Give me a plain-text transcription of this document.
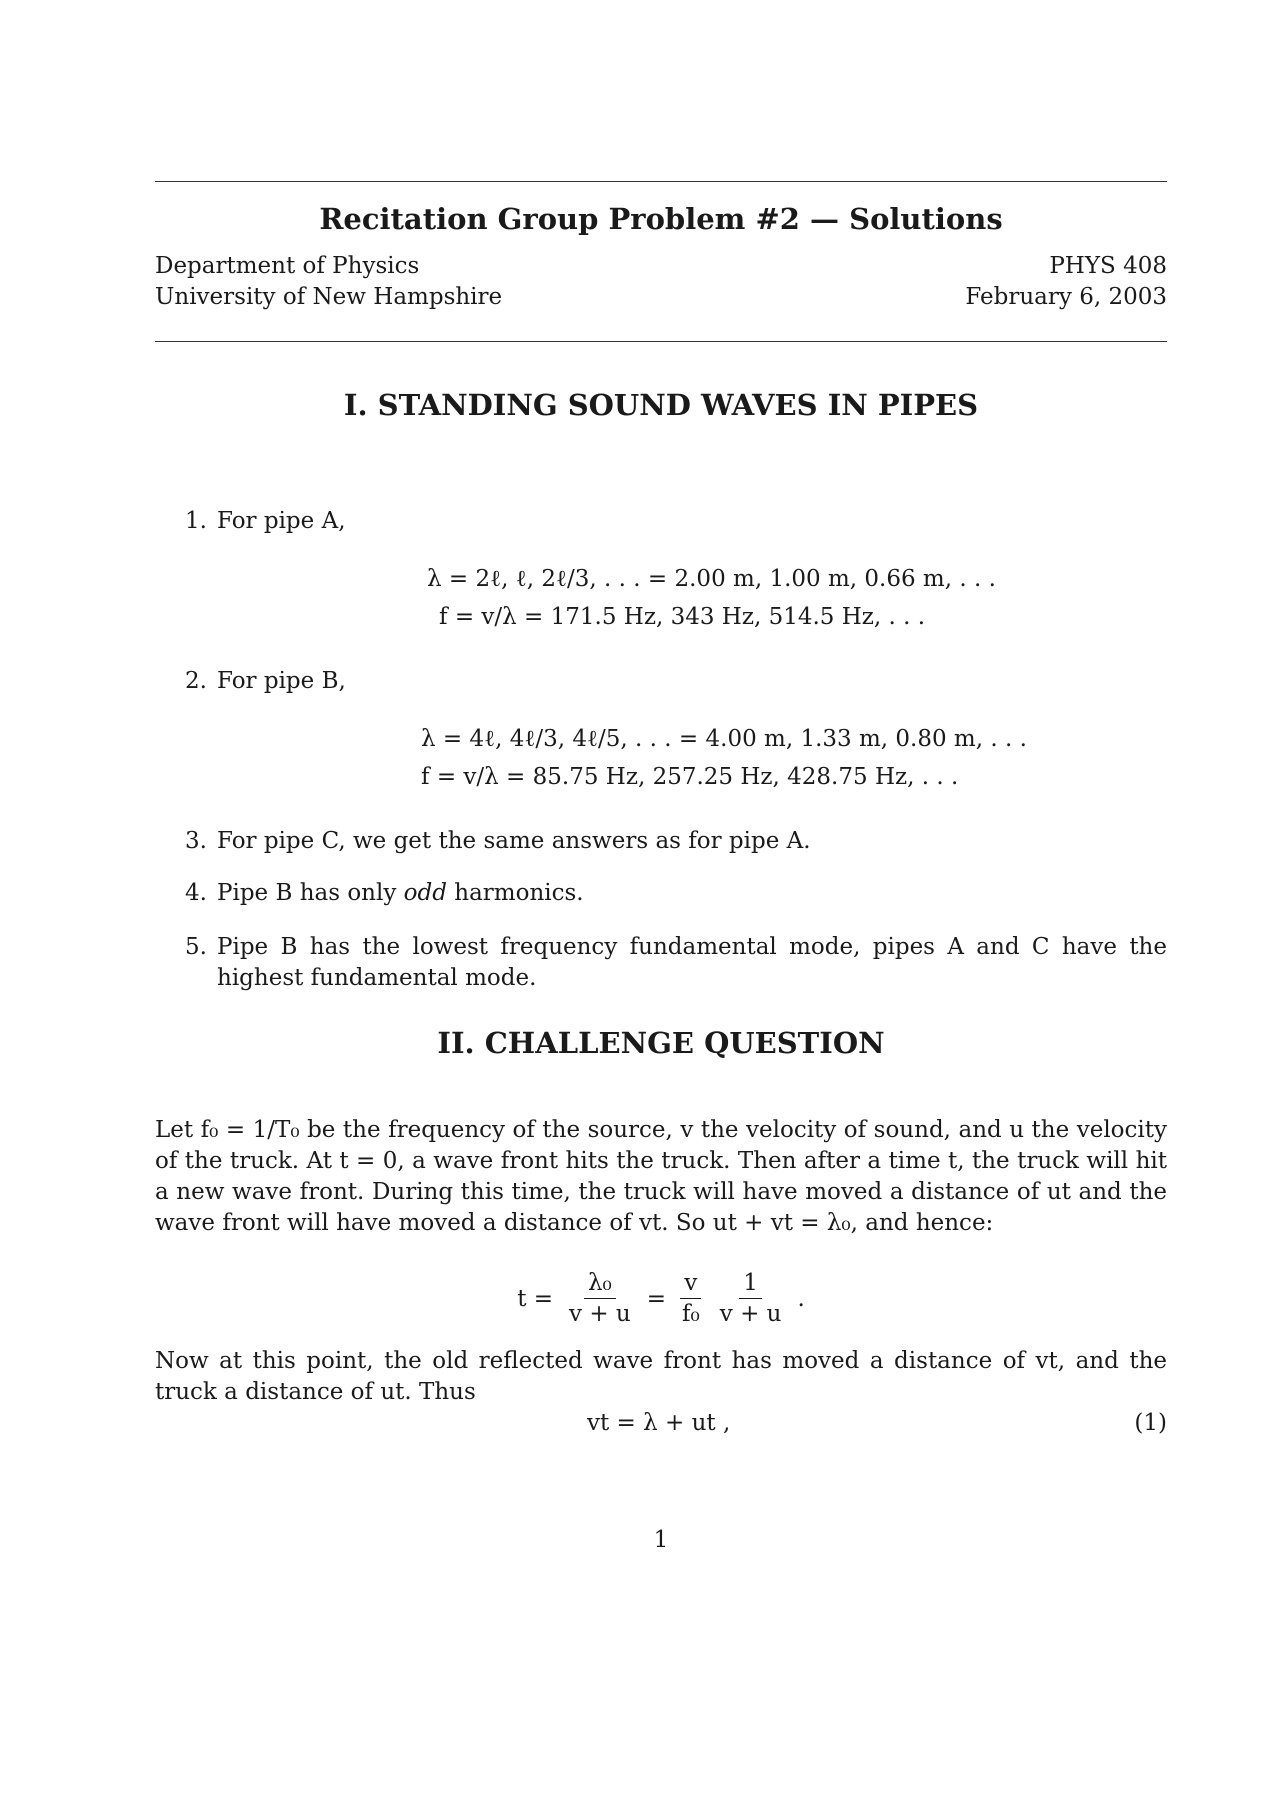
Recitation Group Problem #2 — Solutions
Department of Physics
University of New Hampshire
PHYS 408
February 6, 2003
I. STANDING SOUND WAVES IN PIPES
1. For pipe A,
λ = 2ℓ, ℓ, 2ℓ/3, . . . = 2.00 m, 1.00 m, 0.66 m, . . .
f = v/λ = 171.5 Hz, 343 Hz, 514.5 Hz, . . .
2. For pipe B,
λ = 4ℓ, 4ℓ/3, 4ℓ/5, . . . = 4.00 m, 1.33 m, 0.80 m, . . .
f = v/λ = 85.75 Hz, 257.25 Hz, 428.75 Hz, . . .
3. For pipe C, we get the same answers as for pipe A.
4. Pipe B has only odd harmonics.
5. Pipe B has the lowest frequency fundamental mode, pipes A and C have the highest fundamental mode.
II. CHALLENGE QUESTION
Let f₀ = 1/T₀ be the frequency of the source, v the velocity of sound, and u the velocity of the truck. At t = 0, a wave front hits the truck. Then after a time t, the truck will hit a new wave front. During this time, the truck will have moved a distance of ut and the wave front will have moved a distance of vt. So ut + vt = λ₀, and hence:
$t = \frac{\text{λ₀}}{v + u} = \frac{v}{\text{f₀}} \frac{1}{v + u}$ .
Now at this point, the old reflected wave front has moved a distance of vt, and the truck a distance of ut. Thus
vt = λ + ut ,	(1)
1
